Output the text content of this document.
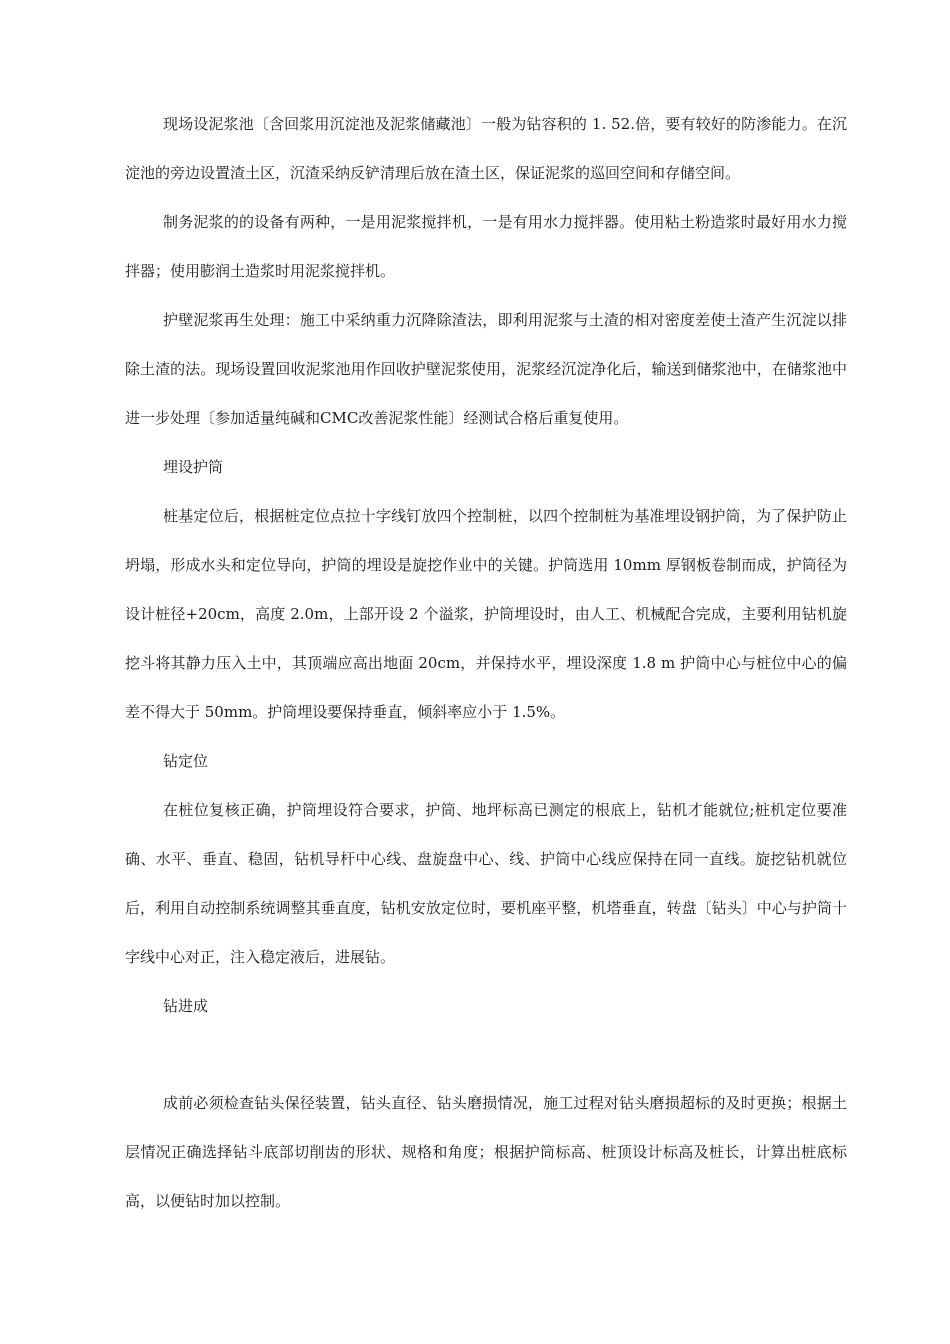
现场设泥浆池〔含回浆用沉淀池及泥浆储藏池〕一般为钻容积的 1. 52.倍，要有较好的防渗能力。在沉淀池的旁边设置渣土区，沉渣采纳反铲清理后放在渣土区，保证泥浆的巡回空间和存储空间。

制务泥浆的的设备有两种，一是用泥浆搅拌机，一是有用水力搅拌器。使用粘土粉造浆时最好用水力搅拌器；使用膨润土造浆时用泥浆搅拌机。

护壁泥浆再生处理：施工中采纳重力沉降除渣法，即利用泥浆与土渣的相对密度差使土渣产生沉淀以排除土渣的法。现场设置回收泥浆池用作回收护壁泥浆使用，泥浆经沉淀净化后，输送到储浆池中，在储浆池中进一步处理〔参加适量纯碱和CMC改善泥浆性能〕经测试合格后重复使用。

埋设护筒

桩基定位后，根据桩定位点拉十字线钉放四个控制桩，以四个控制桩为基准埋设钢护筒，为了保护防止坍塌，形成水头和定位导向，护筒的埋设是旋挖作业中的关键。护筒选用 10mm 厚钢板卷制而成，护筒径为设计桩径+20cm，高度 2.0m，上部开设 2 个溢浆，护筒埋设时，由人工、机械配合完成，主要利用钻机旋挖斗将其静力压入土中，其顶端应高出地面 20cm，并保持水平，埋设深度 1.8 m 护筒中心与桩位中心的偏差不得大于 50mm。护筒埋设要保持垂直，倾斜率应小于 1.5%。

钻定位

在桩位复核正确，护筒埋设符合要求，护筒、地坪标高已测定的根底上，钻机才能就位;桩机定位要准确、水平、垂直、稳固，钻机导杆中心线、盘旋盘中心、线、护筒中心线应保持在同一直线。旋挖钻机就位后，利用自动控制系统调整其垂直度，钻机安放定位时，要机座平整，机塔垂直，转盘〔钻头〕中心与护筒十字线中心对正，注入稳定液后，进展钻。

钻进成

成前必须检查钻头保径装置，钻头直径、钻头磨损情况，施工过程对钻头磨损超标的及时更换；根据土层情况正确选择钻斗底部切削齿的形状、规格和角度；根据护筒标高、桩顶设计标高及桩长，计算出桩底标高，以便钻时加以控制。
